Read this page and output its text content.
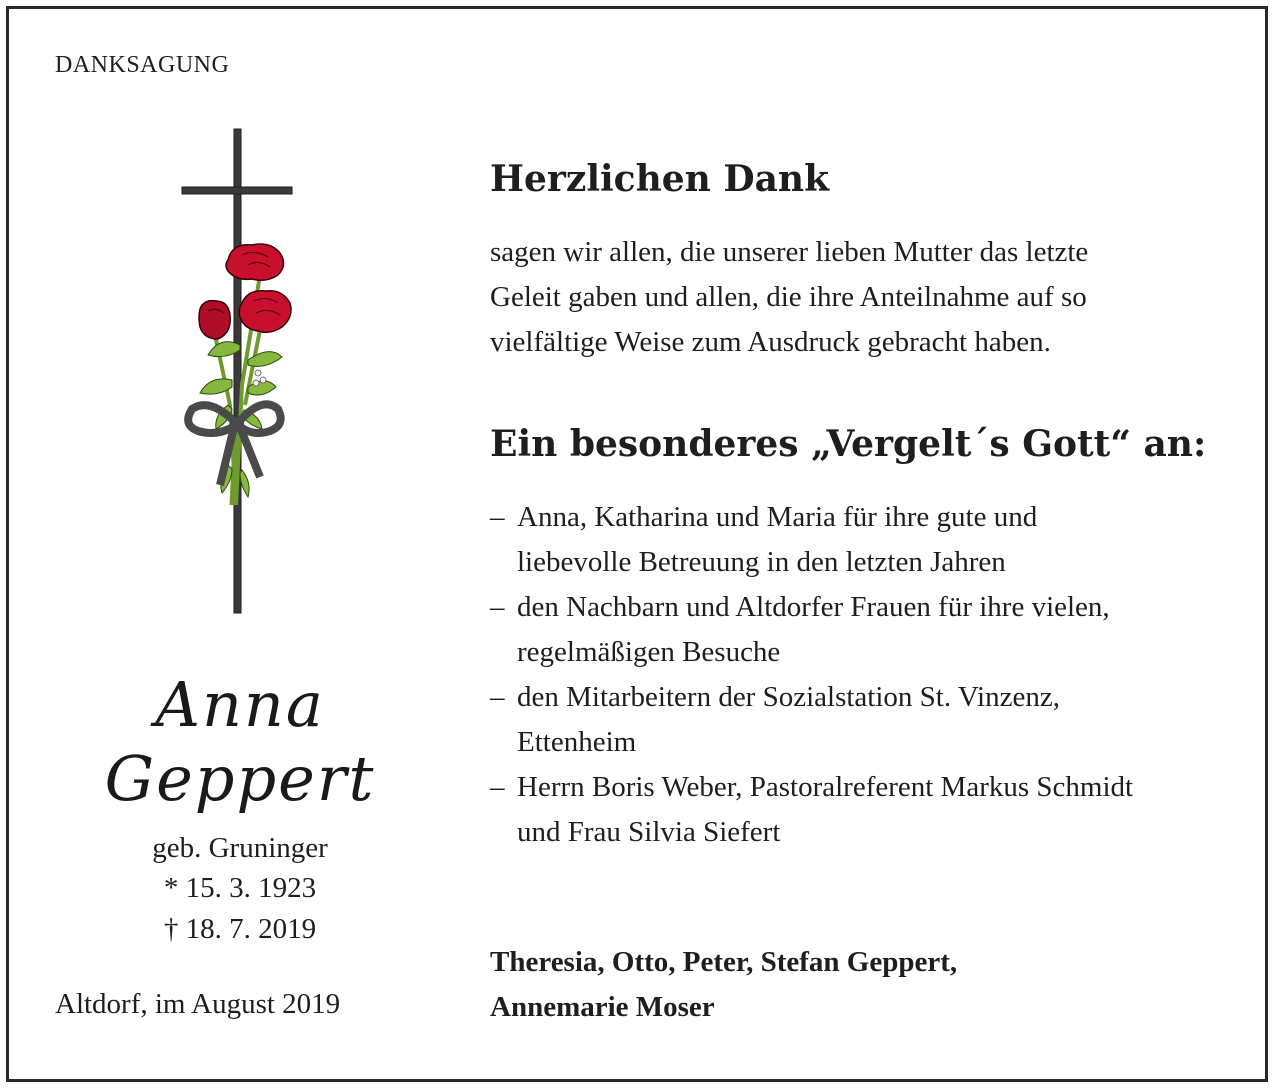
DANKSAGUNG
Anna
Geppert
geb. Gruninger
* 15. 3. 1923
† 18. 7. 2019
Altdorf, im August 2019
Herzlichen Dank
sagen wir allen, die unserer lieben Mutter das letzte
Geleit gaben und allen, die ihre Anteilnahme auf so
vielfältige Weise zum Ausdruck gebracht haben.
Ein besonderes „Vergelt´s Gott“ an:
– Anna, Katharina und Maria für ihre gute und
liebevolle Betreuung in den letzten Jahren
– den Nachbarn und Altdorfer Frauen für ihre vielen,
regelmäßigen Besuche
– den Mitarbeitern der Sozialstation St. Vinzenz,
Ettenheim
– Herrn Boris Weber, Pastoralreferent Markus Schmidt
und Frau Silvia Siefert
Theresia, Otto, Peter, Stefan Geppert,
Annemarie Moser
